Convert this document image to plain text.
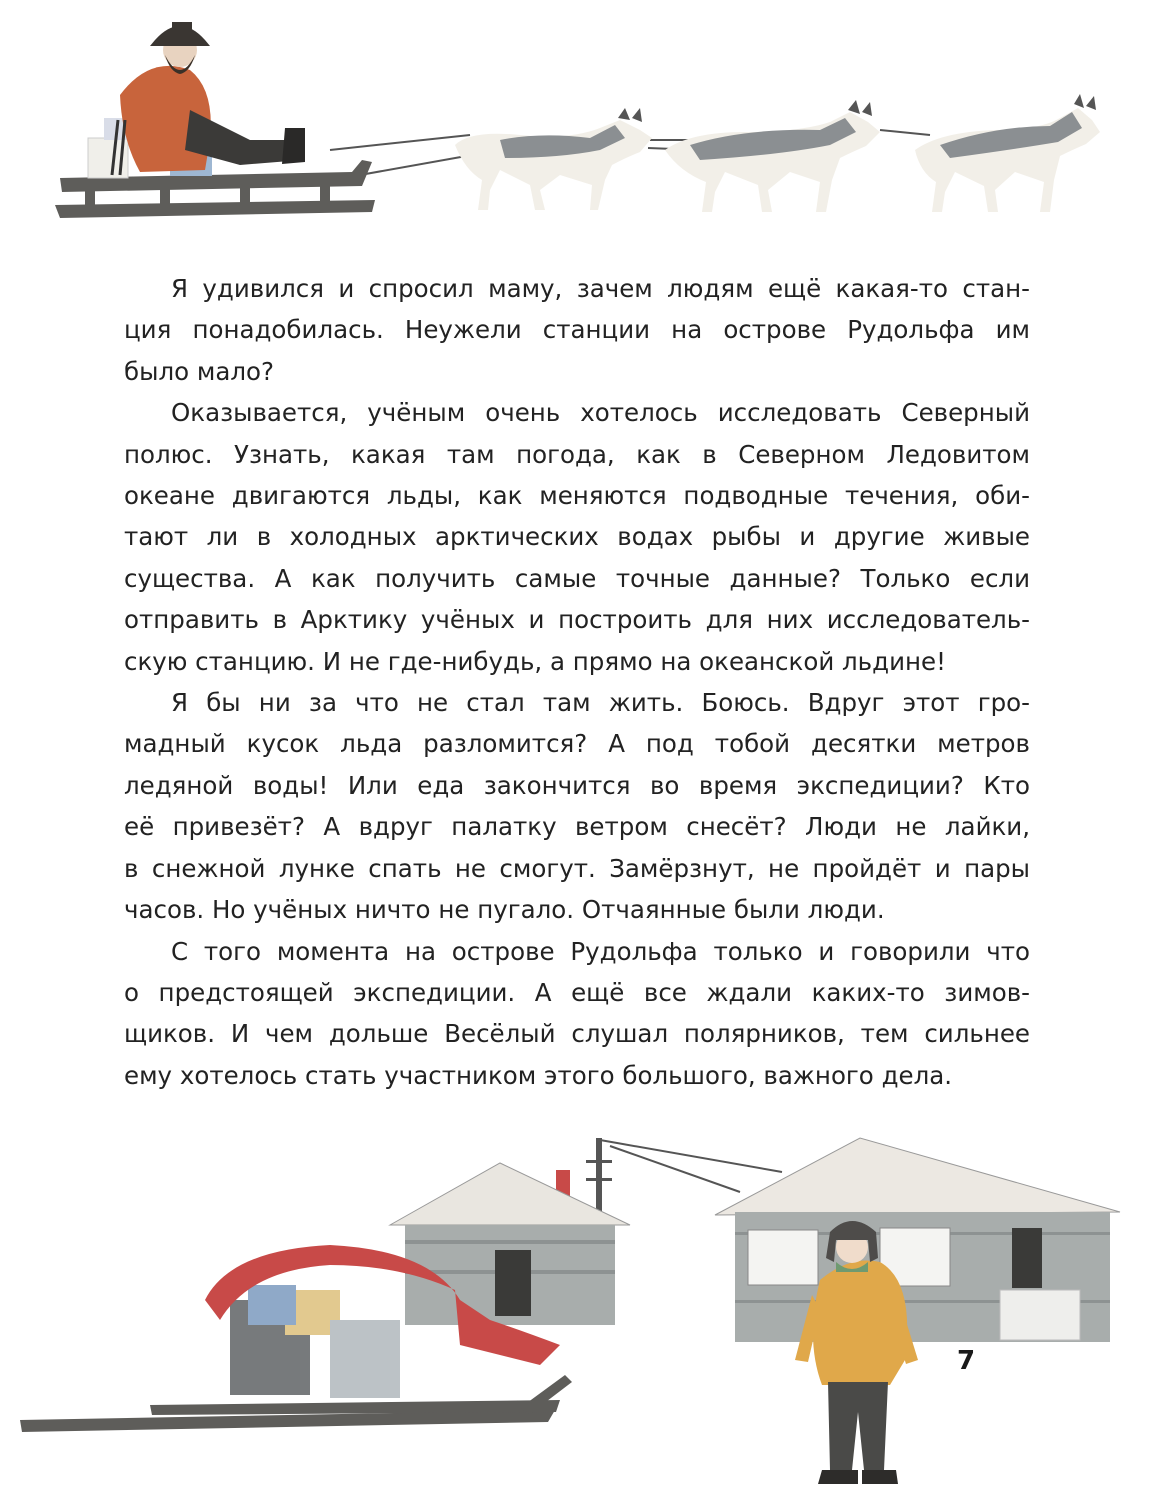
Я удивился и спросил маму, зачем людям ещё какая-то стан-
ция понадобилась. Неужели станции на острове Рудольфа им
было мало?
Оказывается, учёным очень хотелось исследовать Северный
полюс. Узнать, какая там погода, как в Северном Ледовитом
океане двигаются льды, как меняются подводные течения, оби-
тают ли в холодных арктических водах рыбы и другие живые
существа. А как получить самые точные данные? Только если
отправить в Арктику учёных и построить для них исследователь-
скую станцию. И не где-нибудь, а прямо на океанской льдине!
Я бы ни за что не стал там жить. Боюсь. Вдруг этот гро-
мадный кусок льда разломится? А под тобой десятки метров
ледяной воды! Или еда закончится во время экспедиции? Кто
её привезёт? А вдруг палатку ветром снесёт? Люди не лайки,
в снежной лунке спать не смогут. Замёрзнут, не пройдёт и пары
часов. Но учёных ничто не пугало. Отчаянные были люди.
С того момента на острове Рудольфа только и говорили что
о предстоящей экспедиции. А ещё все ждали каких-то зимов-
щиков. И чем дольше Весёлый слушал полярников, тем сильнее
ему хотелось стать участником этого большого, важного дела.
7
